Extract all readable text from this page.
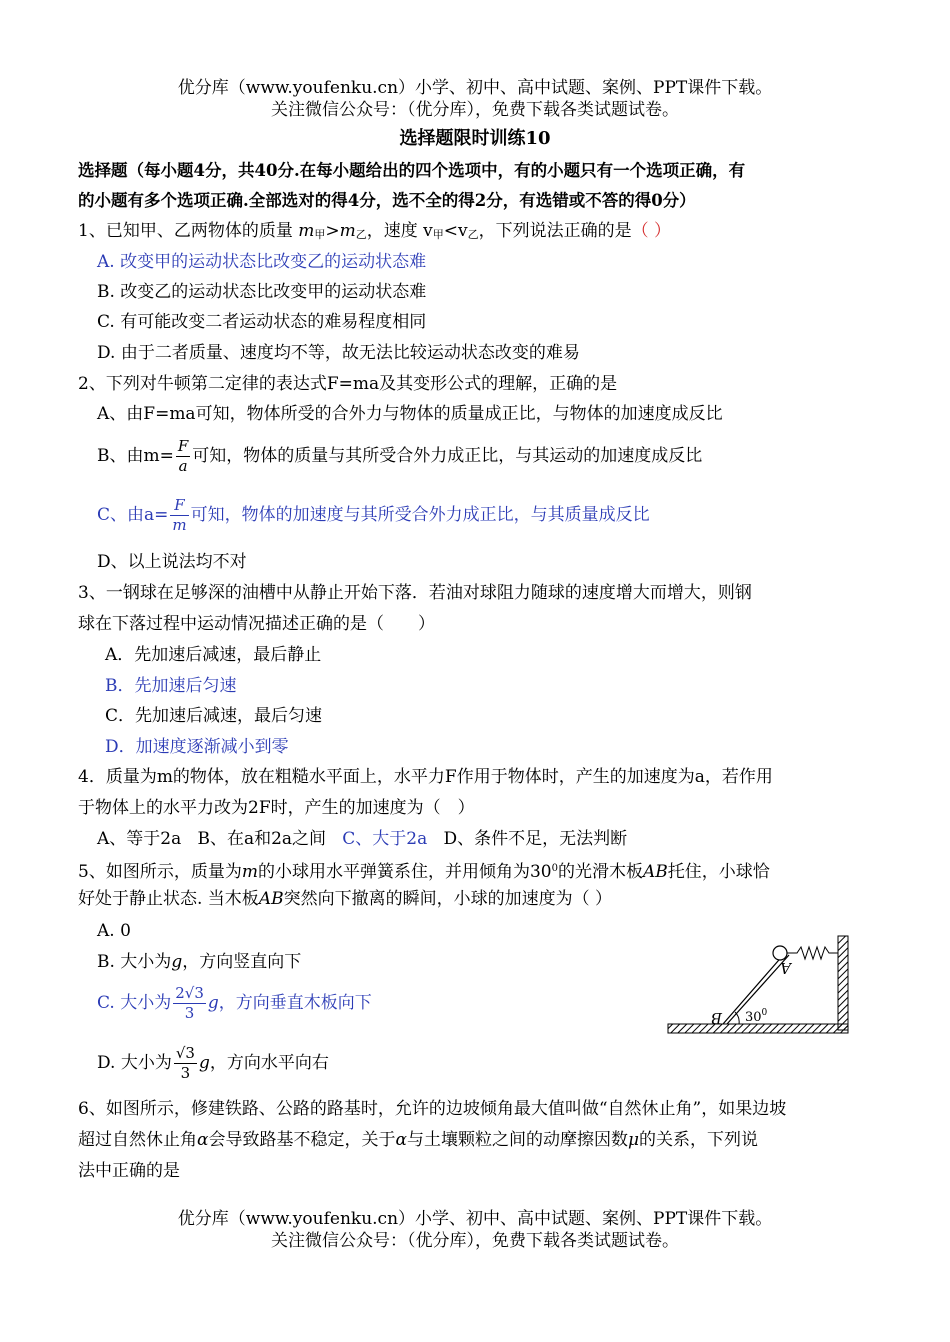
优分库（www.youfenku.cn）小学、初中、高中试题、案例、PPT课件下载。
关注微信公众号：（优分库），免费下载各类试题试卷。
选择题限时训练10
选择题（每小题4分，共40分.在每小题给出的四个选项中，有的小题只有一个选项正确，有
的小题有多个选项正确.全部选对的得4分，选不全的得2分，有选错或不答的得0分）
1、已知甲、乙两物体的质量 $m_甲>m_乙$，速度 $v_甲<v_乙$，下列说法正确的是（ ）
A. 改变甲的运动状态比改变乙的运动状态难
B. 改变乙的运动状态比改变甲的运动状态难
C. 有可能改变二者运动状态的难易程度相同
D. 由于二者质量、速度均不等，故无法比较运动状态改变的难易
2、下列对牛顿第二定律的表达式F=ma及其变形公式的理解，正确的是
A、由F=ma可知，物体所受的合外力与物体的质量成正比，与物体的加速度成反比
B、由$m= \frac{F}{a}$ 可知，物体的质量与其所受合外力成正比，与其运动的加速度成反比
C、由$a= \frac{F}{m}$ 可知，物体的加速度与其所受合外力成正比，与其质量成反比
D、以上说法均不对
3、一钢球在足够深的油槽中从静止开始下落．若油对球阻力随球的速度增大而增大，则钢
球在下落过程中运动情况描述正确的是（　　）
A．先加速后减速，最后静止
B．先加速后匀速
C．先加速后减速，最后匀速
D．加速度逐渐减小到零
4．质量为m的物体，放在粗糙水平面上，水平力F作用于物体时，产生的加速度为a，若作用
于物体上的水平力改为2F时，产生的加速度为（　）
A、等于2a B、在a和2a之间 C、大于2a D、条件不足，无法判断
5、如图所示，质量为m的小球用水平弹簧系住，并用倾角为$30^0$的光滑木板AB托住，小球恰
好处于静止状态. 当木板AB突然向下撤离的瞬间，小球的加速度为（ ）
A. 0
B. 大小为g，方向竖直向下
C. 大小为 $\frac{2√3}{3}$ g，方向垂直木板向下
D. 大小为 $\frac{√3}{3}$ g，方向水平向右
$30^0$
A
B
6、如图所示，修建铁路、公路的路基时，允许的边坡倾角最大值叫做“自然休止角”，如果边坡
超过自然休止角α会导致路基不稳定，关于α与土壤颗粒之间的动摩擦因数μ的关系，下列说
法中正确的是
优分库（www.youfenku.cn）小学、初中、高中试题、案例、PPT课件下载。
关注微信公众号：（优分库），免费下载各类试题试卷。
